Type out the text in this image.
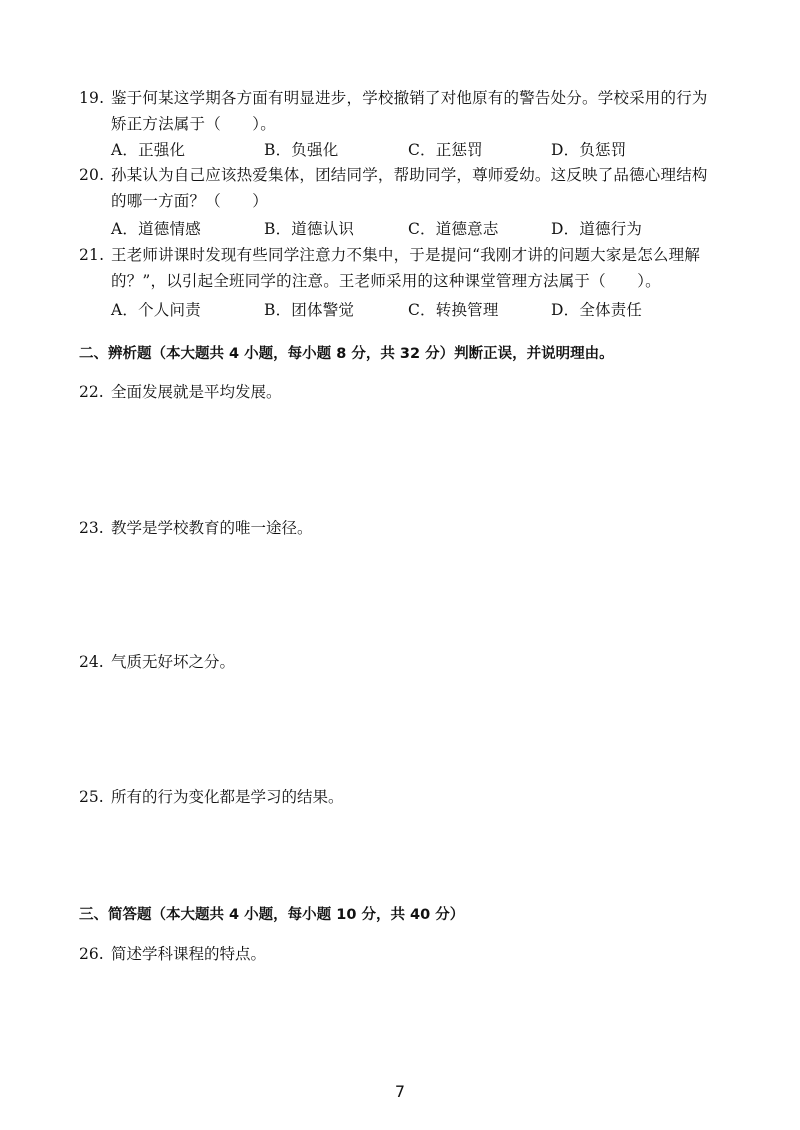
19. 鉴于何某这学期各方面有明显进步，学校撤销了对他原有的警告处分。学校采用的行为
矫正方法属于（　　）。
A．正强化	B．负强化	C．正惩罚	D．负惩罚
20. 孙某认为自己应该热爱集体，团结同学，帮助同学，尊师爱幼。这反映了品德心理结构
的哪一方面？（　　）
A．道德情感	B．道德认识	C．道德意志	D．道德行为
21. 王老师讲课时发现有些同学注意力不集中，于是提问“我刚才讲的问题大家是怎么理解
的？”，以引起全班同学的注意。王老师采用的这种课堂管理方法属于（　　）。
A．个人问责	B．团体警觉	C．转换管理	D．全体责任
二、辨析题（本大题共 4 小题，每小题 8 分，共 32 分）判断正误，并说明理由。
22. 全面发展就是平均发展。
23. 教学是学校教育的唯一途径。
24. 气质无好坏之分。
25. 所有的行为变化都是学习的结果。
三、简答题（本大题共 4 小题，每小题 10 分，共 40 分）
26. 简述学科课程的特点。
7
